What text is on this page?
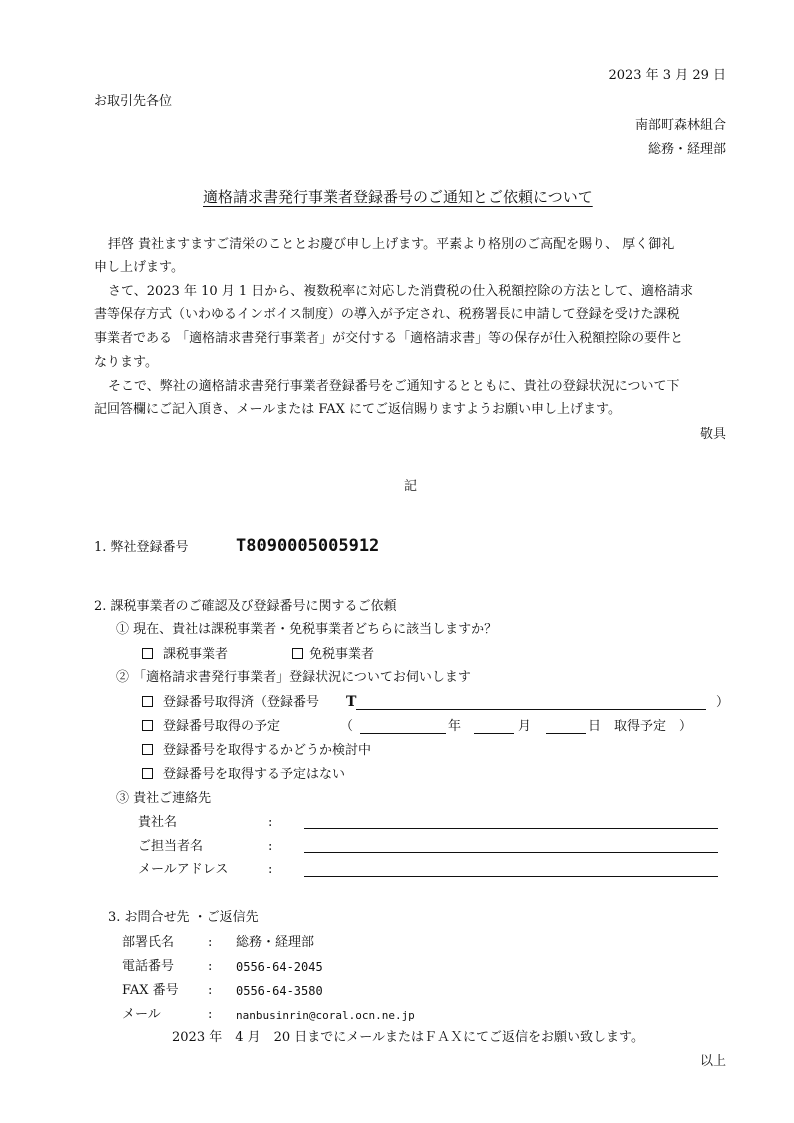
2023 年 3 月 29 日
お取引先各位
南部町森林組合
総務・経理部
適格請求書発行事業者登録番号のご通知とご依頼について
拝啓 貴社ますますご清栄のこととお慶び申し上げます。平素より格別のご高配を賜り、 厚く御礼
申し上げます。
さて、2023 年 10 月 1 日から、複数税率に対応した消費税の仕入税額控除の方法として、適格請求
書等保存方式（いわゆるインボイス制度）の導入が予定され、税務署長に申請して登録を受けた課税
事業者である 「適格請求書発行事業者」が交付する「適格請求書」等の保存が仕入税額控除の要件と
なります。
そこで、弊社の適格請求書発行事業者登録番号をご通知するとともに、貴社の登録状況について下
記回答欄にご記入頂き、メールまたは FAX にてご返信賜りますようお願い申し上げます。
敬具
記
1. 弊社登録番号	T8090005005912
2. 課税事業者のご確認及び登録番号に関するご依頼
① 現在、貴社は課税事業者・免税事業者どちらに該当しますか？
課税事業者	免税事業者
② 「適格請求書発行事業者」登録状況についてお伺いします
登録番号取得済（登録番号 T	）
登録番号取得の予定	（	年	月	日　取得予定　）
登録番号を取得するかどうか検討中
登録番号を取得する予定はない
③ 貴社ご連絡先
貴社名	:
ご担当者名	:
メールアドレス	:
3. お問合せ先 ・ご返信先
部署氏名	: 総務・経理部
電話番号	: 0556-64-2045
FAX 番号 : 0556-64-3580
メール	: nanbusinrin@coral.ocn.ne.jp
2023 年　4 月　20 日までにメールまたはＦＡＸにてご返信をお願い致します。
以上
